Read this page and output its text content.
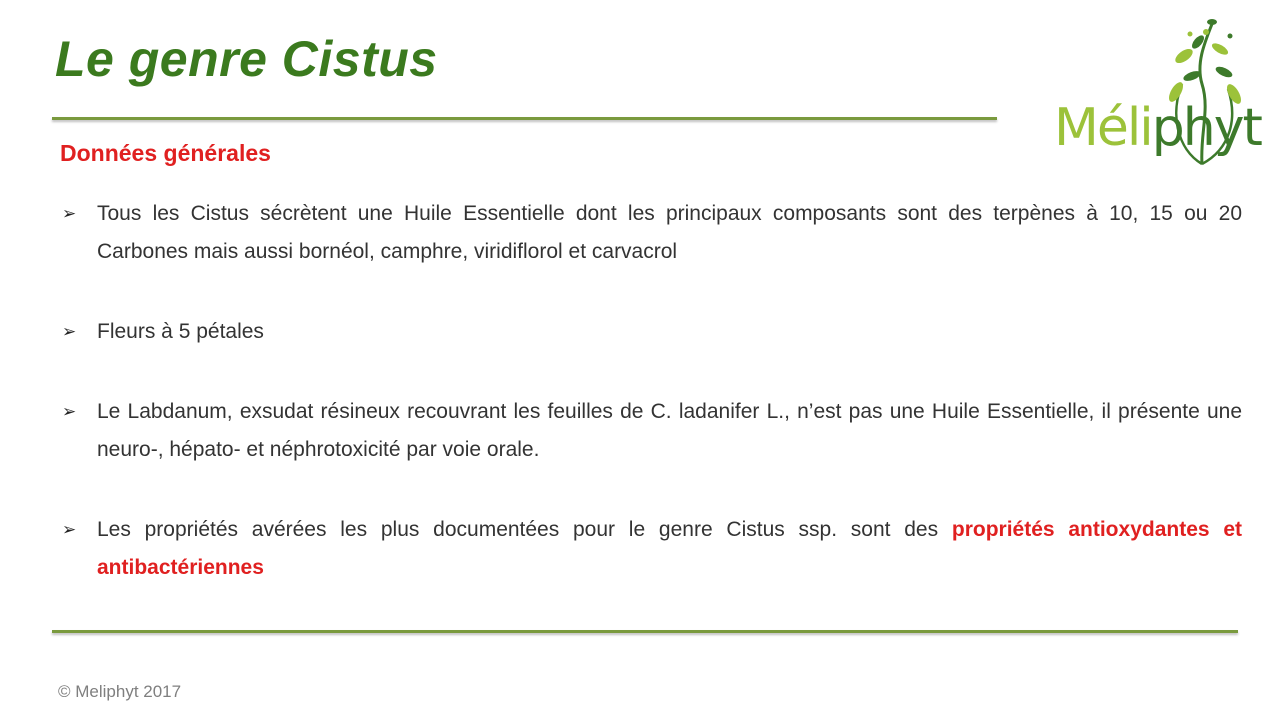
Le genre Cistus
Méliphyt
Données générales
➢ Tous les Cistus sécrètent une Huile Essentielle dont les principaux composants sont des terpènes à 10, 15 ou 20 Carbones mais aussi bornéol, camphre, viridiflorol et carvacrol
➢ Fleurs à 5 pétales
➢ Le Labdanum, exsudat résineux recouvrant les feuilles de C. ladanifer L., n’est pas une Huile Essentielle, il présente une neuro-, hépato- et néphrotoxicité par voie orale.
➢ Les propriétés avérées les plus documentées pour le genre Cistus ssp. sont des propriétés antioxydantes et antibactériennes
© Meliphyt 2017
